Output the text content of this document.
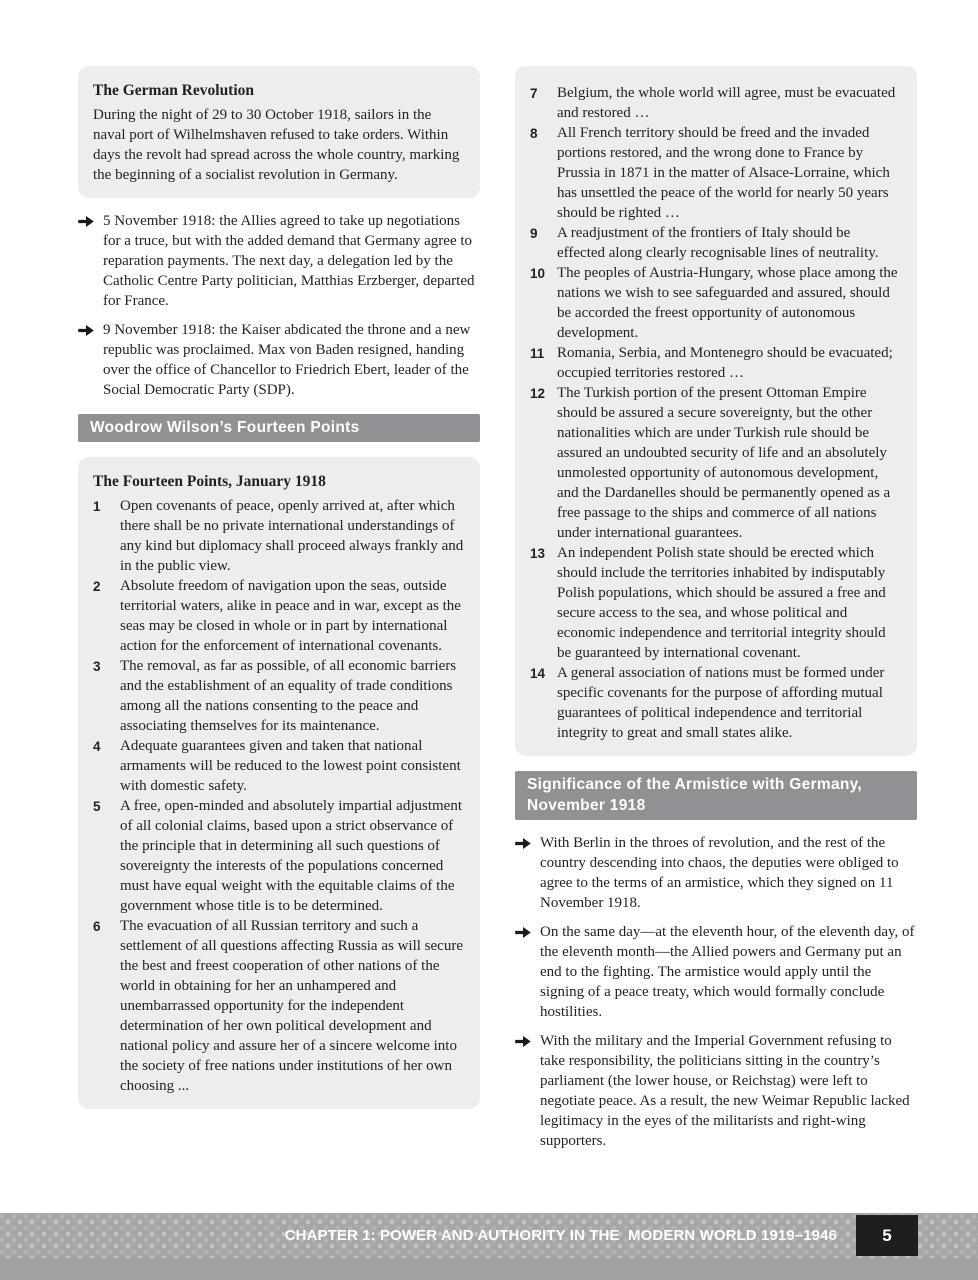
The German Revolution
During the night of 29 to 30 October 1918, sailors in the naval port of Wilhelmshaven refused to take orders. Within days the revolt had spread across the whole country, marking the beginning of a socialist revolution in Germany.
5 November 1918: the Allies agreed to take up negotiations for a truce, but with the added demand that Germany agree to reparation payments. The next day, a delegation led by the Catholic Centre Party politician, Matthias Erzberger, departed for France.
9 November 1918: the Kaiser abdicated the throne and a new republic was proclaimed. Max von Baden resigned, handing over the office of Chancellor to Friedrich Ebert, leader of the Social Democratic Party (SDP).
Woodrow Wilson’s Fourteen Points
The Fourteen Points, January 1918
1	Open covenants of peace, openly arrived at, after which there shall be no private international understandings of any kind but diplomacy shall proceed always frankly and in the public view.
2	Absolute freedom of navigation upon the seas, outside territorial waters, alike in peace and in war, except as the seas may be closed in whole or in part by international action for the enforcement of international covenants.
3	The removal, as far as possible, of all economic barriers and the establishment of an equality of trade conditions among all the nations consenting to the peace and associating themselves for its maintenance.
4	Adequate guarantees given and taken that national armaments will be reduced to the lowest point consistent with domestic safety.
5	A free, open-minded and absolutely impartial adjustment of all colonial claims, based upon a strict observance of the principle that in determining all such questions of sovereignty the interests of the populations concerned must have equal weight with the equitable claims of the government whose title is to be determined.
6	The evacuation of all Russian territory and such a settlement of all questions affecting Russia as will secure the best and freest cooperation of other nations of the world in obtaining for her an unhampered and unembarrassed opportunity for the independent determination of her own political development and national policy and assure her of a sincere welcome into the society of free nations under institutions of her own choosing ...
7	Belgium, the whole world will agree, must be evacuated and restored …
8	All French territory should be freed and the invaded portions restored, and the wrong done to France by Prussia in 1871 in the matter of Alsace-Lorraine, which has unsettled the peace of the world for nearly 50 years should be righted …
9	A readjustment of the frontiers of Italy should be effected along clearly recognisable lines of neutrality.
10 The peoples of Austria-Hungary, whose place among the nations we wish to see safeguarded and assured, should be accorded the freest opportunity of autonomous development.
11 Romania, Serbia, and Montenegro should be evacuated; occupied territories restored …
12 The Turkish portion of the present Ottoman Empire should be assured a secure sovereignty, but the other nationalities which are under Turkish rule should be assured an undoubted security of life and an absolutely unmolested opportunity of autonomous development, and the Dardanelles should be permanently opened as a free passage to the ships and commerce of all nations under international guarantees.
13 An independent Polish state should be erected which should include the territories inhabited by indisputably Polish populations, which should be assured a free and secure access to the sea, and whose political and economic independence and territorial integrity should be guaranteed by international covenant.
14 A general association of nations must be formed under specific covenants for the purpose of affording mutual guarantees of political independence and territorial integrity to great and small states alike.
Significance of the Armistice with Germany, November 1918
With Berlin in the throes of revolution, and the rest of the country descending into chaos, the deputies were obliged to agree to the terms of an armistice, which they signed on 11 November 1918.
On the same day—at the eleventh hour, of the eleventh day, of the eleventh month—the Allied powers and Germany put an end to the fighting. The armistice would apply until the signing of a peace treaty, which would formally conclude hostilities.
With the military and the Imperial Government refusing to take responsibility, the politicians sitting in the country’s parliament (the lower house, or Reichstag) were left to negotiate peace. As a result, the new Weimar Republic lacked legitimacy in the eyes of the militarists and right-wing supporters.
CHAPTER 1: POWER AND AUTHORITY IN THE  MODERN WORLD 1919–1946	5
